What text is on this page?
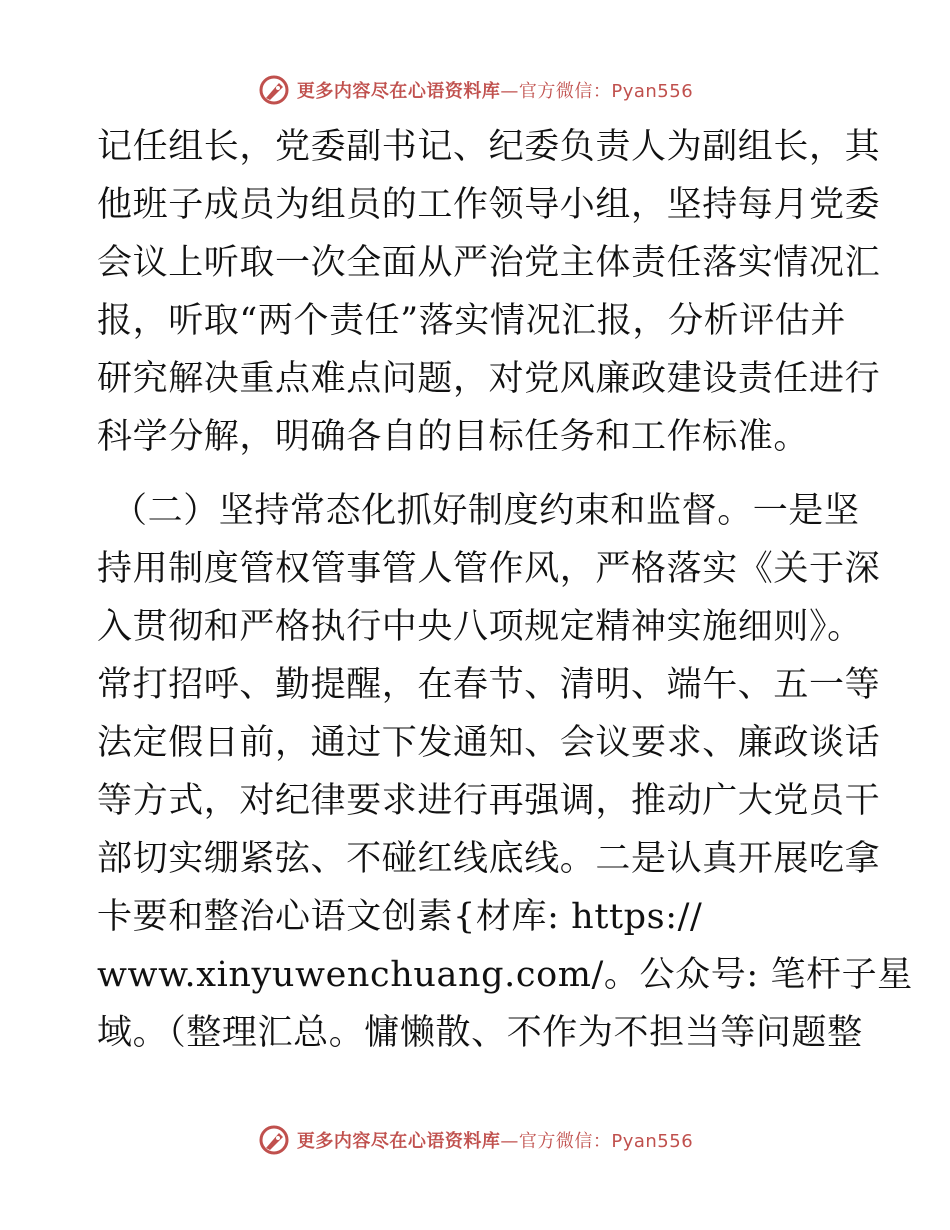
更多内容尽在心语资料库—官方微信：Pyan556
记任组长，党委副书记、纪委负责人为副组长，其
他班子成员为组员的工作领导小组，坚持每月党委
会议上听取一次全面从严治党主体责任落实情况汇
报，听取“两个责任”落实情况汇报，分析评估并
研究解决重点难点问题，对党风廉政建设责任进行
科学分解，明确各自的目标任务和工作标准。
（二）坚持常态化抓好制度约束和监督。一是坚
持用制度管权管事管人管作风，严格落实《关于深
入贯彻和严格执行中央八项规定精神实施细则》。
常打招呼、勤提醒，在春节、清明、端午、五一等
法定假日前，通过下发通知、会议要求、廉政谈话
等方式，对纪律要求进行再强调，推动广大党员干
部切实绷紧弦、不碰红线底线。二是认真开展吃拿
卡要和整治心语文创素{材库: https://
www.xinyuwenchuang.com/。公众号: 笔杆子星
域。（整理汇总。慵懒散、不作为不担当等问题整
更多内容尽在心语资料库—官方微信：Pyan556
